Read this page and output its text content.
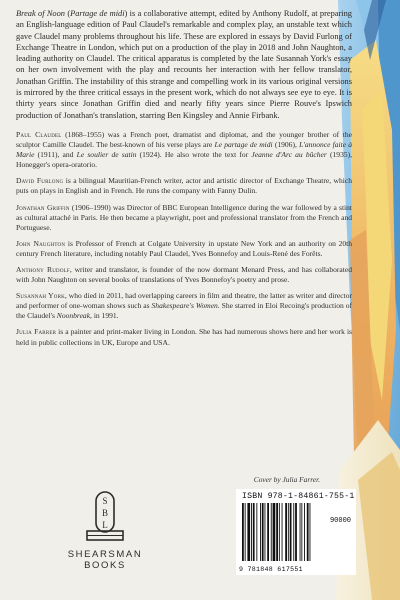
Break of Noon (Partage de midi) is a collaborative attempt, edited by Anthony Rudolf, at preparing an English-language edition of Paul Claudel's remarkable and complex play, an unstable text which gave Claudel many problems throughout his life. These are explored in essays by David Furlong of Exchange Theatre in London, which put on a production of the play in 2018 and John Naughton, a leading authority on Claudel. The critical apparatus is completed by the late Susannah York's essay on her own involvement with the play and recounts her interaction with her fellow translator, Jonathan Griffin. The instability of this strange and compelling work in its various original versions is mirrored by the three critical essays in the present work, which do not always see eye to eye. It is thirty years since Jonathan Griffin died and nearly fifty years since Pierre Rouve's Ipswich production of Jonathan's translation, starring Ben Kingsley and Annie Firbank.

Paul Claudel (1868–1955) was a French poet, dramatist and diplomat, and the younger brother of the sculptor Camille Claudel. The best-known of his verse plays are Le partage de midi (1906), L'annonce faite à Marie (1911), and Le soulier de satin (1924). He also wrote the text for Jeanne d'Arc au bûcher (1935), Honegger's opera-oratorio.

David Furlong is a bilingual Mauritian-French writer, actor and artistic director of Exchange Theatre, which puts on plays in English and in French. He runs the company with Fanny Dulin.

Jonathan Griffin (1906–1990) was Director of BBC European Intelligence during the war followed by a stint as cultural attaché in Paris. He then became a playwright, poet and professional translator from the French and Portuguese.

John Naughton is Professor of French at Colgate University in upstate New York and an authority on 20th century French literature, including notably Paul Claudel, Yves Bonnefoy and Louis-René des Forêts.

Anthony Rudolf, writer and translator, is founder of the now dormant Menard Press, and has collaborated with John Naughton on several books of translations of Yves Bonnefoy's poetry and prose.

Susannah York, who died in 2011, had overlapping careers in film and theatre, the latter as writer and director and performer of one-woman shows such as Shakespeare's Women. She starred in Eloi Recoing's production of the Claudel's Noonbreak, in 1991.

Julia Farrer is a painter and print-maker living in London. She has had numerous shows here and her work is held in public collections in UK, Europe and USA.

Cover by Julia Farrer.

S
B
L
SHEARSMAN BOOKS
ISBN 978-1-84861-755-1
90000
9 781848 617551
